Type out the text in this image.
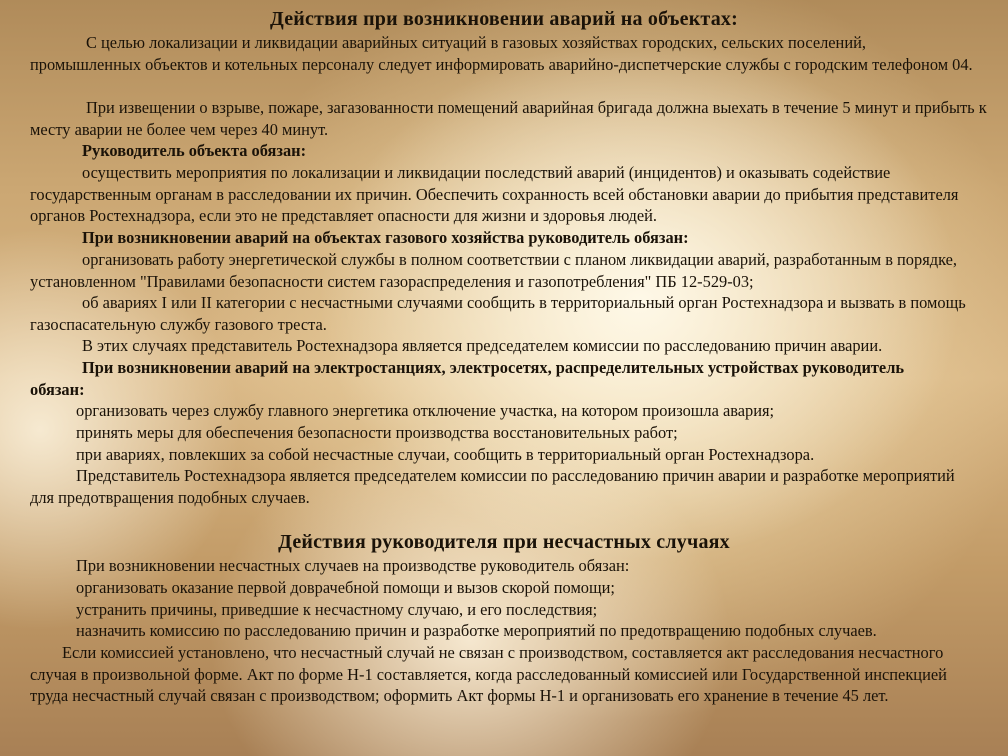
Действия при возникновении аварий на объектах:

С целью локализации и ликвидации аварийных ситуаций в газовых хозяйствах городских, сельских поселений, промышленных объектов и котельных персоналу следует информировать аварийно-диспетчерские службы с городским телефоном 04.

При извещении о взрыве, пожаре, загазованности помещений аварийная бригада должна выехать в течение 5 минут и прибыть к месту аварии не более чем через 40 минут.

Руководитель объекта обязан:

осуществить мероприятия по локализации и ликвидации последствий аварий (инцидентов) и оказывать содействие государственным органам в расследовании их причин. Обеспечить сохранность всей обстановки аварии до прибытия представителя органов Ростехнадзора, если это не представляет опасности для жизни и здоровья людей.

При возникновении аварий на объектах газового хозяйства руководитель обязан:

организовать работу энергетической службы в полном соответствии с планом ликвидации аварий, разработанным в порядке, установленном "Правилами безопасности систем газораспределения и газопотребления" ПБ 12-529-03;

об авариях I или II категории с несчастными случаями сообщить в территориальный орган Ростехнадзора и вызвать в помощь газоспасательную службу газового треста.

В этих случаях представитель Ростехнадзора является председателем комиссии по расследованию причин аварии.

При возникновении аварий на электростанциях, электросетях, распределительных устройствах руководитель обязан:

организовать через службу главного энергетика отключение участка, на котором произошла авария;

принять меры для обеспечения безопасности производства восстановительных работ;

при авариях, повлекших за собой несчастные случаи, сообщить в территориальный орган Ростехнадзора.

Представитель Ростехнадзора является председателем комиссии по расследованию причин аварии и разработке мероприятий для предотвращения подобных случаев.

Действия руководителя при несчастных случаях

При возникновении несчастных случаев на производстве руководитель обязан:

организовать оказание первой доврачебной помощи и вызов скорой помощи;

устранить причины, приведшие к несчастному случаю, и его последствия;

назначить комиссию по расследованию причин и разработке мероприятий по предотвращению подобных случаев.

Если комиссией установлено, что несчастный случай не связан с производством, составляется акт расследования несчастного случая в произвольной форме. Акт по форме Н-1 составляется, когда расследованный комиссией или Государственной инспекцией труда несчастный случай связан с производством; оформить Акт формы Н-1 и организовать его хранение в течение 45 лет.
